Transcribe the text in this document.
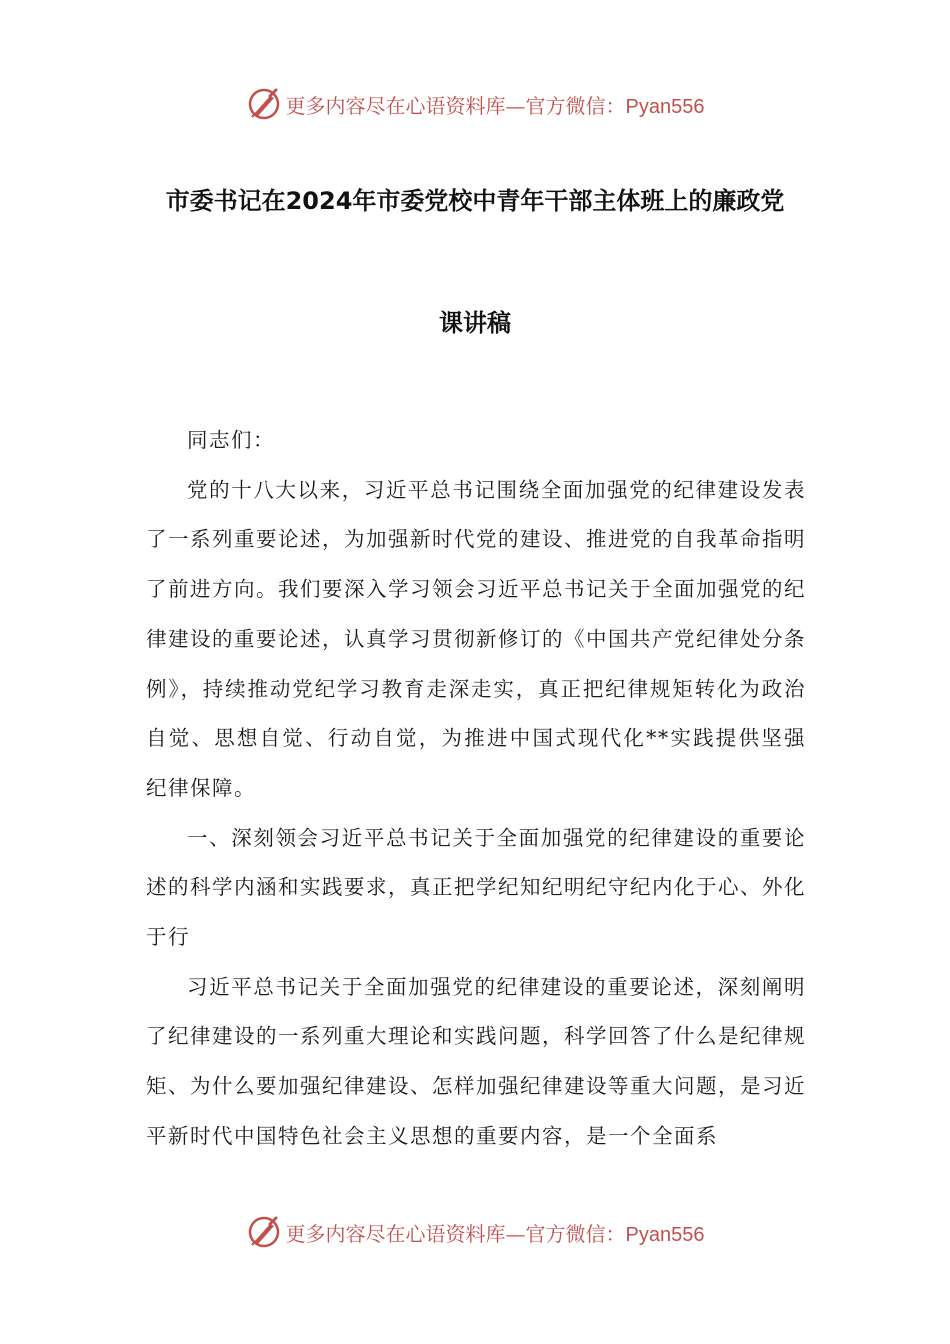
更多内容尽在心语资料库—官方微信：Pyan556
市委书记在2024年市委党校中青年干部主体班上的廉政党
课讲稿

同志们：

党的十八大以来，习近平总书记围绕全面加强党的纪律建设发表了一系列重要论述，为加强新时代党的建设、推进党的自我革命指明了前进方向。我们要深入学习领会习近平总书记关于全面加强党的纪律建设的重要论述，认真学习贯彻新修订的《中国共产党纪律处分条例》，持续推动党纪学习教育走深走实，真正把纪律规矩转化为政治自觉、思想自觉、行动自觉，为推进中国式现代化**实践提供坚强纪律保障。

一、深刻领会习近平总书记关于全面加强党的纪律建设的重要论述的科学内涵和实践要求，真正把学纪知纪明纪守纪内化于心、外化于行

习近平总书记关于全面加强党的纪律建设的重要论述，深刻阐明了纪律建设的一系列重大理论和实践问题，科学回答了什么是纪律规矩、为什么要加强纪律建设、怎样加强纪律建设等重大问题，是习近平新时代中国特色社会主义思想的重要内容，是一个全面系

更多内容尽在心语资料库—官方微信：Pyan556
